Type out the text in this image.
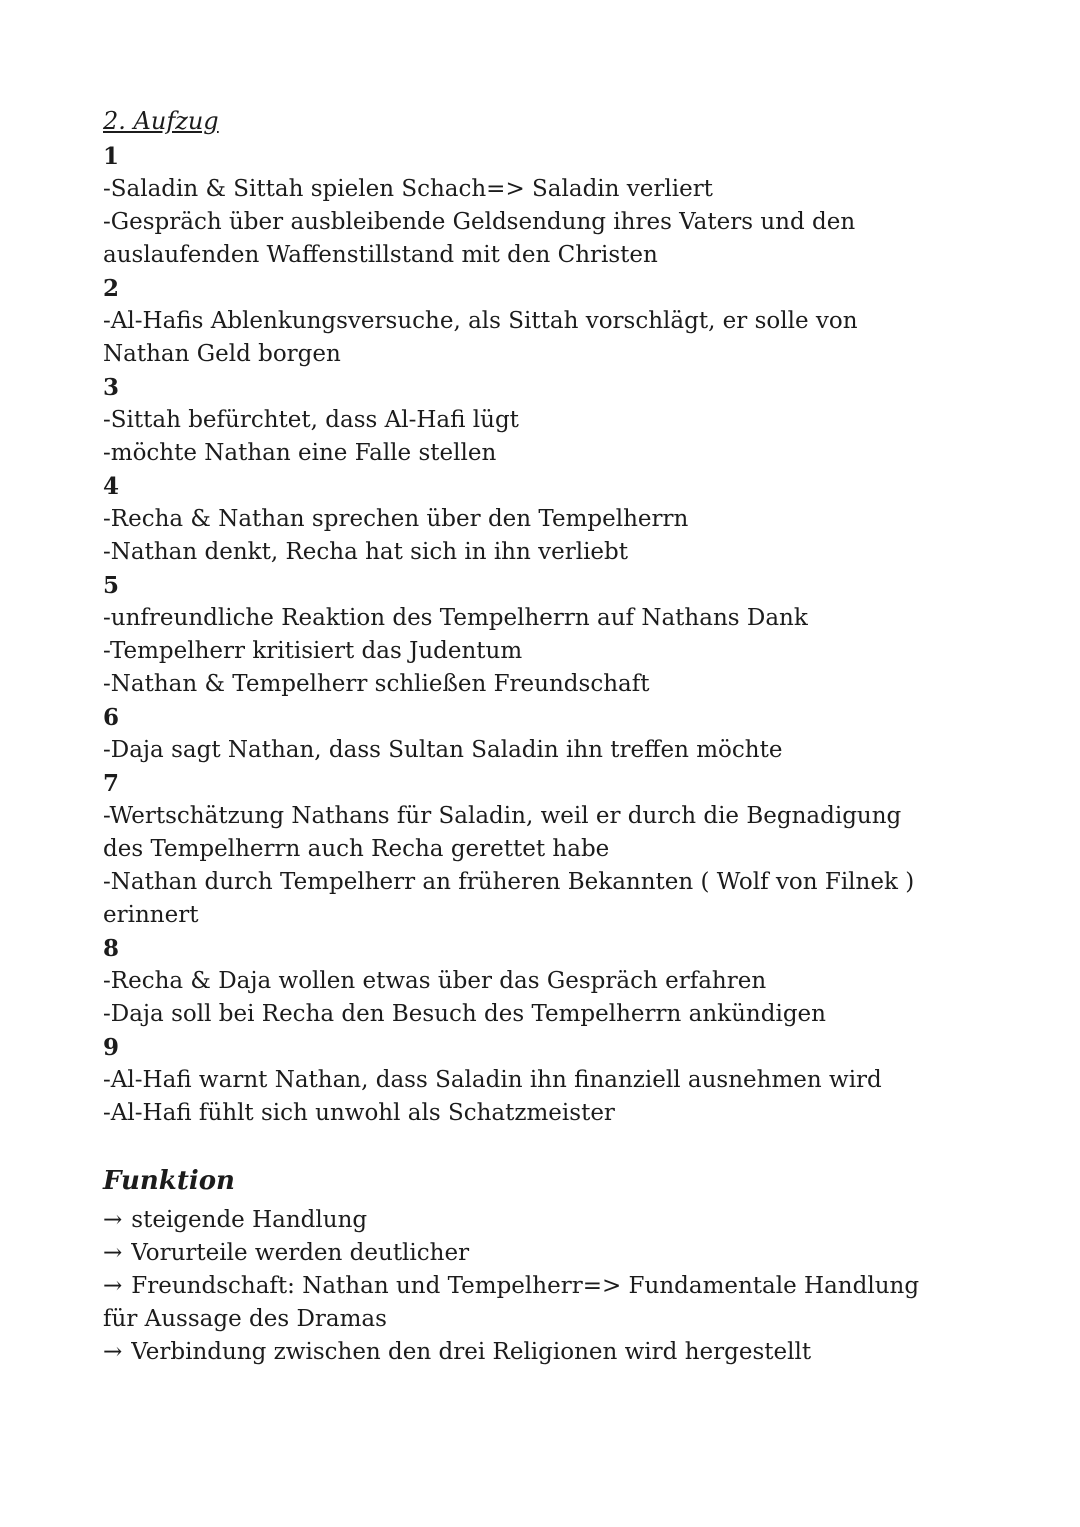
2. Aufzug

1

-Saladin & Sittah spielen Schach=> Saladin verliert

-Gespräch über ausbleibende Geldsendung ihres Vaters und den auslaufenden Waffenstillstand mit den Christen

2

-Al-Hafis Ablenkungsversuche, als Sittah vorschlägt, er solle von Nathan Geld borgen

3

-Sittah befürchtet, dass Al-Hafi lügt

-möchte Nathan eine Falle stellen

4

-Recha & Nathan sprechen über den Tempelherrn

-Nathan denkt, Recha hat sich in ihn verliebt

5

-unfreundliche Reaktion des Tempelherrn auf Nathans Dank

-Tempelherr kritisiert das Judentum

-Nathan & Tempelherr schließen Freundschaft

6

-Daja sagt Nathan, dass Sultan Saladin ihn treffen möchte

7

-Wertschätzung Nathans für Saladin, weil er durch die Begnadigung des Tempelherrn auch Recha gerettet habe

-Nathan durch Tempelherr an früheren Bekannten ( Wolf von Filnek ) erinnert

8

-Recha & Daja wollen etwas über das Gespräch erfahren

-Daja soll bei Recha den Besuch des Tempelherrn ankündigen

9

-Al-Hafi warnt Nathan, dass Saladin ihn finanziell ausnehmen wird

-Al-Hafi fühlt sich unwohl als Schatzmeister

Funktion

→ steigende Handlung

→ Vorurteile werden deutlicher

→ Freundschaft: Nathan und Tempelherr=> Fundamentale Handlung für Aussage des Dramas

→ Verbindung zwischen den drei Religionen wird hergestellt
